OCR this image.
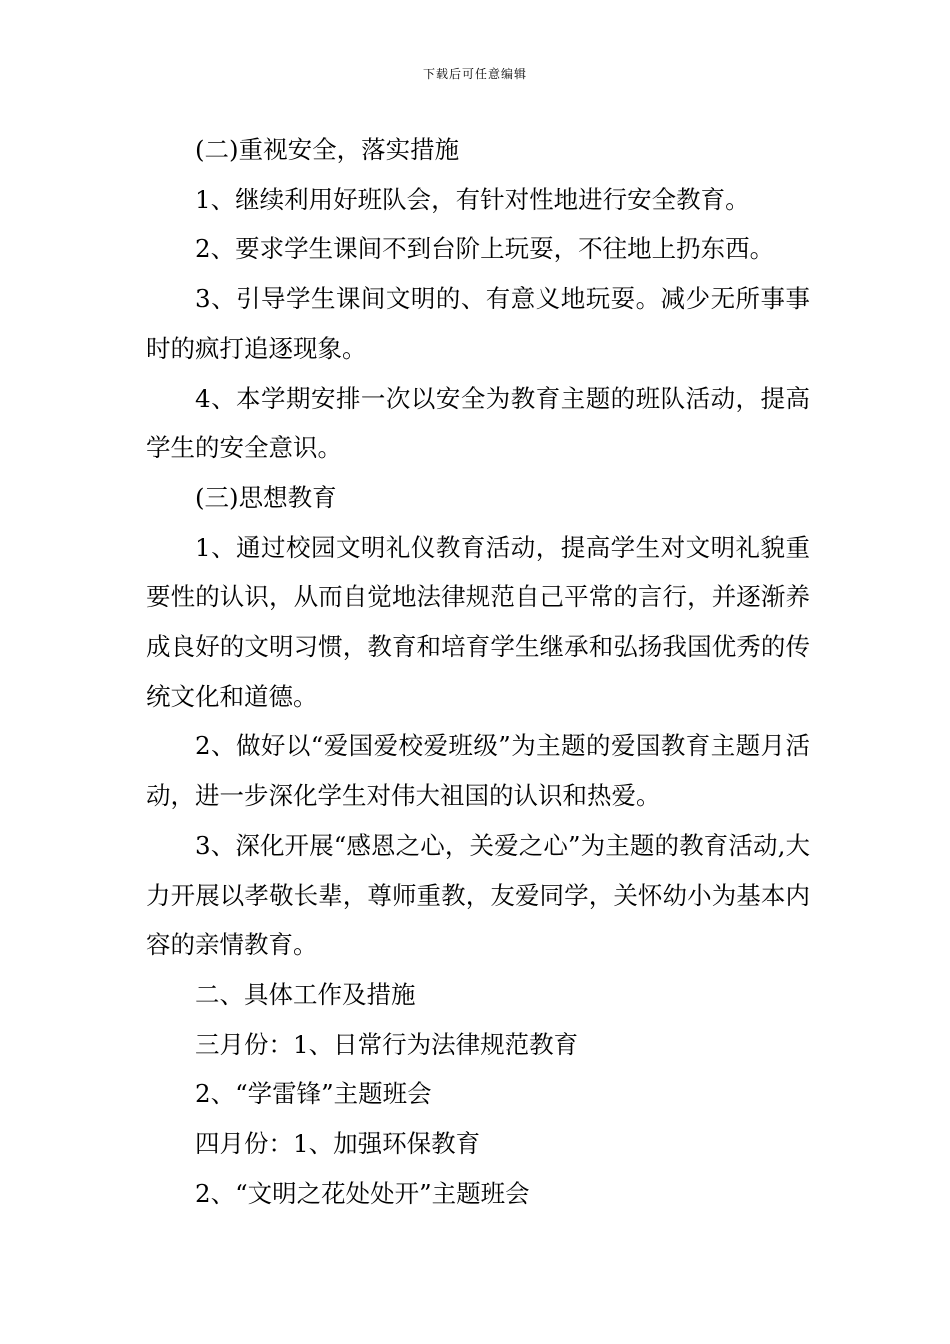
下载后可任意编辑

(二)重视安全，落实措施

1、继续利用好班队会，有针对性地进行安全教育。

2、要求学生课间不到台阶上玩耍，不往地上扔东西。

3、引导学生课间文明的、有意义地玩耍。减少无所事事时的疯打追逐现象。

4、本学期安排一次以安全为教育主题的班队活动，提高学生的安全意识。

(三)思想教育

1、通过校园文明礼仪教育活动，提高学生对文明礼貌重要性的认识，从而自觉地法律规范自己平常的言行，并逐渐养成良好的文明习惯，教育和培育学生继承和弘扬我国优秀的传统文化和道德。

2、做好以“爱国爱校爱班级”为主题的爱国教育主题月活动，进一步深化学生对伟大祖国的认识和热爱。

3、深化开展“感恩之心，关爱之心”为主题的教育活动,大力开展以孝敬长辈，尊师重教，友爱同学，关怀幼小为基本内容的亲情教育。

二、具体工作及措施

三月份：1、日常行为法律规范教育

2、“学雷锋”主题班会

四月份：1、加强环保教育

2、“文明之花处处开”主题班会
